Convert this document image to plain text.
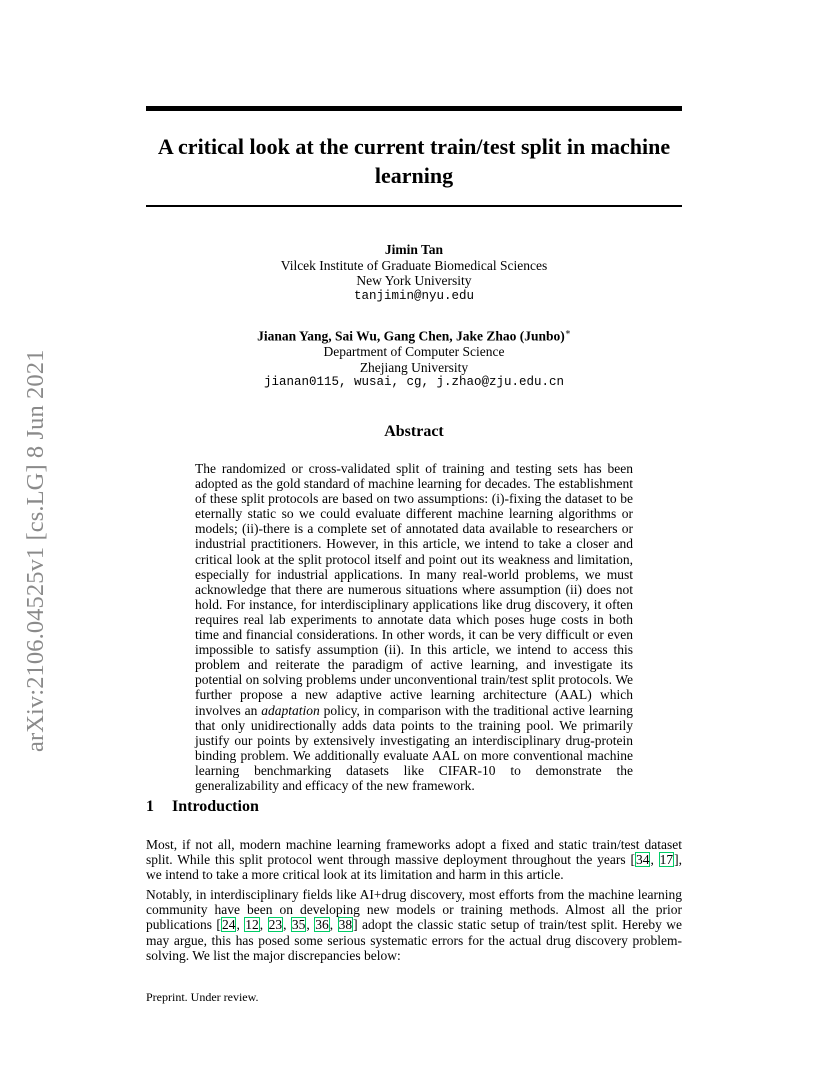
A critical look at the current train/test split in machine learning
arXiv:2106.04525v1 [cs.LG] 8 Jun 2021
Jimin Tan
Vilcek Institute of Graduate Biomedical Sciences
New York University
tanjimin@nyu.edu
Jianan Yang, Sai Wu, Gang Chen, Jake Zhao (Junbo)∗
Department of Computer Science
Zhejiang University
jianan0115, wusai, cg, j.zhao@zju.edu.cn
Abstract
The randomized or cross-validated split of training and testing sets has been adopted as the gold standard of machine learning for decades. The establishment of these split protocols are based on two assumptions: (i)-fixing the dataset to be eternally static so we could evaluate different machine learning algorithms or models; (ii)-there is a complete set of annotated data available to researchers or industrial practitioners. However, in this article, we intend to take a closer and critical look at the split protocol itself and point out its weakness and limitation, especially for industrial applications. In many real-world problems, we must acknowledge that there are numerous situations where assumption (ii) does not hold. For instance, for interdisciplinary applications like drug discovery, it often requires real lab experiments to annotate data which poses huge costs in both time and financial considerations. In other words, it can be very difficult or even impossible to satisfy assumption (ii). In this article, we intend to access this problem and reiterate the paradigm of active learning, and investigate its potential on solving problems under unconventional train/test split protocols. We further propose a new adaptive active learning architecture (AAL) which involves an adaptation policy, in comparison with the traditional active learning that only unidirectionally adds data points to the training pool. We primarily justify our points by extensively investigating an interdisciplinary drug-protein binding problem. We additionally evaluate AAL on more conventional machine learning benchmarking datasets like CIFAR-10 to demonstrate the generalizability and efficacy of the new framework.
1 Introduction
Most, if not all, modern machine learning frameworks adopt a fixed and static train/test dataset split. While this split protocol went through massive deployment throughout the years [34, 17], we intend to take a more critical look at its limitation and harm in this article.
Notably, in interdisciplinary fields like AI+drug discovery, most efforts from the machine learning community have been on developing new models or training methods. Almost all the prior publications [24, 12, 23, 35, 36, 38] adopt the classic static setup of train/test split. Hereby we may argue, this has posed some serious systematic errors for the actual drug discovery problem-solving. We list the major discrepancies below:
Preprint. Under review.
